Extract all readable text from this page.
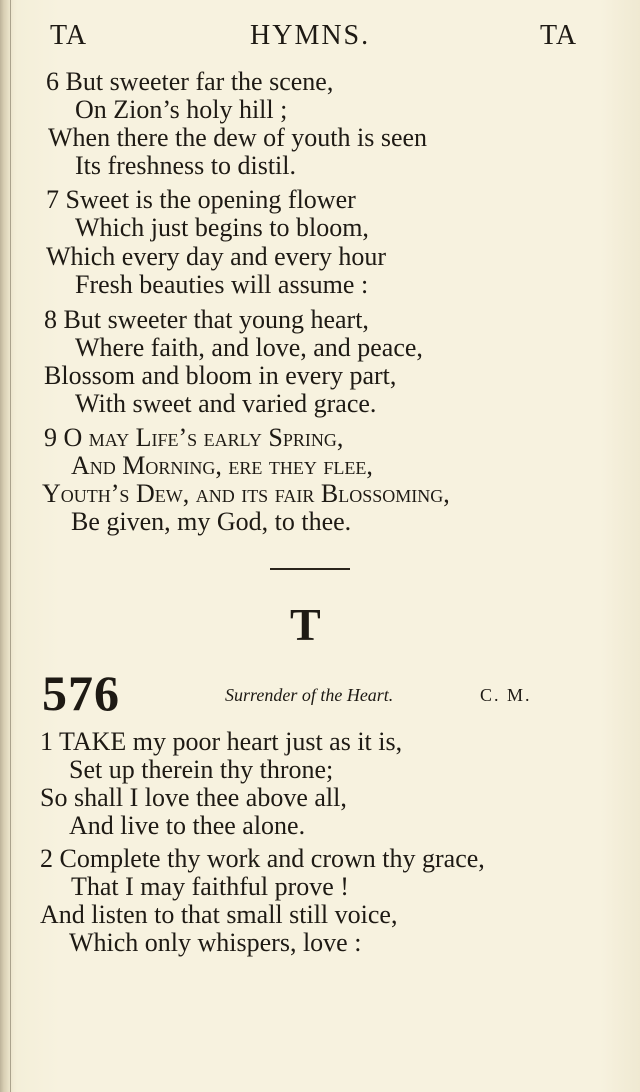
TA	HYMNS.	TA
6 But sweeter far the scene,
On Zion’s holy hill ;
When there the dew of youth is seen
Its freshness to distil.
7 Sweet is the opening flower
Which just begins to bloom,
Which every day and every hour
Fresh beauties will assume :
8 But sweeter that young heart,
Where faith, and love, and peace,
Blossom and bloom in every part,
With sweet and varied grace.
9 O may Life’s early Spring,
And Morning, ere they flee,
Youth’s Dew, and its fair Blossoming,
Be given, my God, to thee.
T
576	Surrender of the Heart.	C. M.
1 TAKE my poor heart just as it is,
Set up therein thy throne;
So shall I love thee above all,
And live to thee alone.
2 Complete thy work and crown thy grace,
That I may faithful prove !
And listen to that small still voice,
Which only whispers, love :
